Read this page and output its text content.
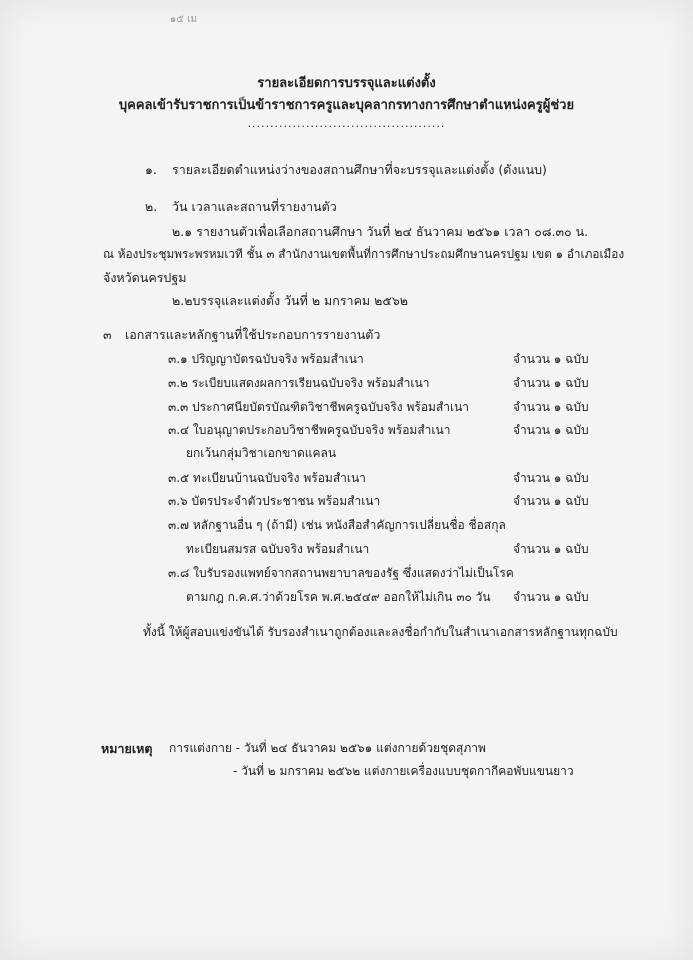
๑๕ เม
รายละเอียดการบรรจุและแต่งตั้ง
บุคคลเข้ารับราชการเป็นข้าราชการครูและบุคลากรทางการศึกษาตำแหน่งครูผู้ช่วย
............................................
๑. รายละเอียดตำแหน่งว่างของสถานศึกษาที่จะบรรจุและแต่งตั้ง (ดังแนบ)
๒. วัน เวลาและสถานที่รายงานตัว
๒.๑ รายงานตัวเพื่อเลือกสถานศึกษา วันที่ ๒๔ ธันวาคม ๒๕๖๑ เวลา ๐๘.๓๐ น.
ณ ห้องประชุมพระพรหมเวที ชั้น ๓ สำนักงานเขตพื้นที่การศึกษาประถมศึกษานครปฐม เขต ๑ อำเภอเมือง
จังหวัดนครปฐม
๒.๒บรรจุและแต่งตั้ง วันที่ ๒ มกราคม ๒๕๖๒
๓ เอกสารและหลักฐานที่ใช้ประกอบการรายงานตัว
๓.๑ ปริญญาบัตรฉบับจริง พร้อมสำเนา	จำนวน ๑ ฉบับ
๓.๒ ระเบียบแสดงผลการเรียนฉบับจริง พร้อมสำเนา	จำนวน ๑ ฉบับ
๓.๓ ประกาศนียบัตรบัณฑิตวิชาชีพครูฉบับจริง พร้อมสำเนา	จำนวน ๑ ฉบับ
๓.๔ ใบอนุญาตประกอบวิชาชีพครูฉบับจริง พร้อมสำเนา	จำนวน ๑ ฉบับ
ยกเว้นกลุ่มวิชาเอกขาดแคลน
๓.๕ ทะเบียนบ้านฉบับจริง พร้อมสำเนา	จำนวน ๑ ฉบับ
๓.๖ บัตรประจำตัวประชาชน พร้อมสำเนา	จำนวน ๑ ฉบับ
๓.๗ หลักฐานอื่น ๆ (ถ้ามี) เช่น หนังสือสำคัญการเปลี่ยนชื่อ ชื่อสกุล
ทะเบียนสมรส ฉบับจริง พร้อมสำเนา	จำนวน ๑ ฉบับ
๓.๘ ใบรับรองแพทย์จากสถานพยาบาลของรัฐ ซึ่งแสดงว่าไม่เป็นโรค
ตามกฎ ก.ค.ศ.ว่าด้วยโรค พ.ศ.๒๕๔๙ ออกให้ไม่เกิน ๓๐ วัน จำนวน ๑ ฉบับ
ทั้งนี้ ให้ผู้สอบแข่งขันได้ รับรองสำเนาถูกต้องและลงชื่อกำกับในสำเนาเอกสารหลักฐานทุกฉบับ
หมายเหตุ การแต่งกาย - วันที่ ๒๔ ธันวาคม ๒๕๖๑ แต่งกายด้วยชุดสุภาพ
- วันที่ ๒ มกราคม ๒๕๖๒ แต่งกายเครื่องแบบชุดกากีคอพับแขนยาว
